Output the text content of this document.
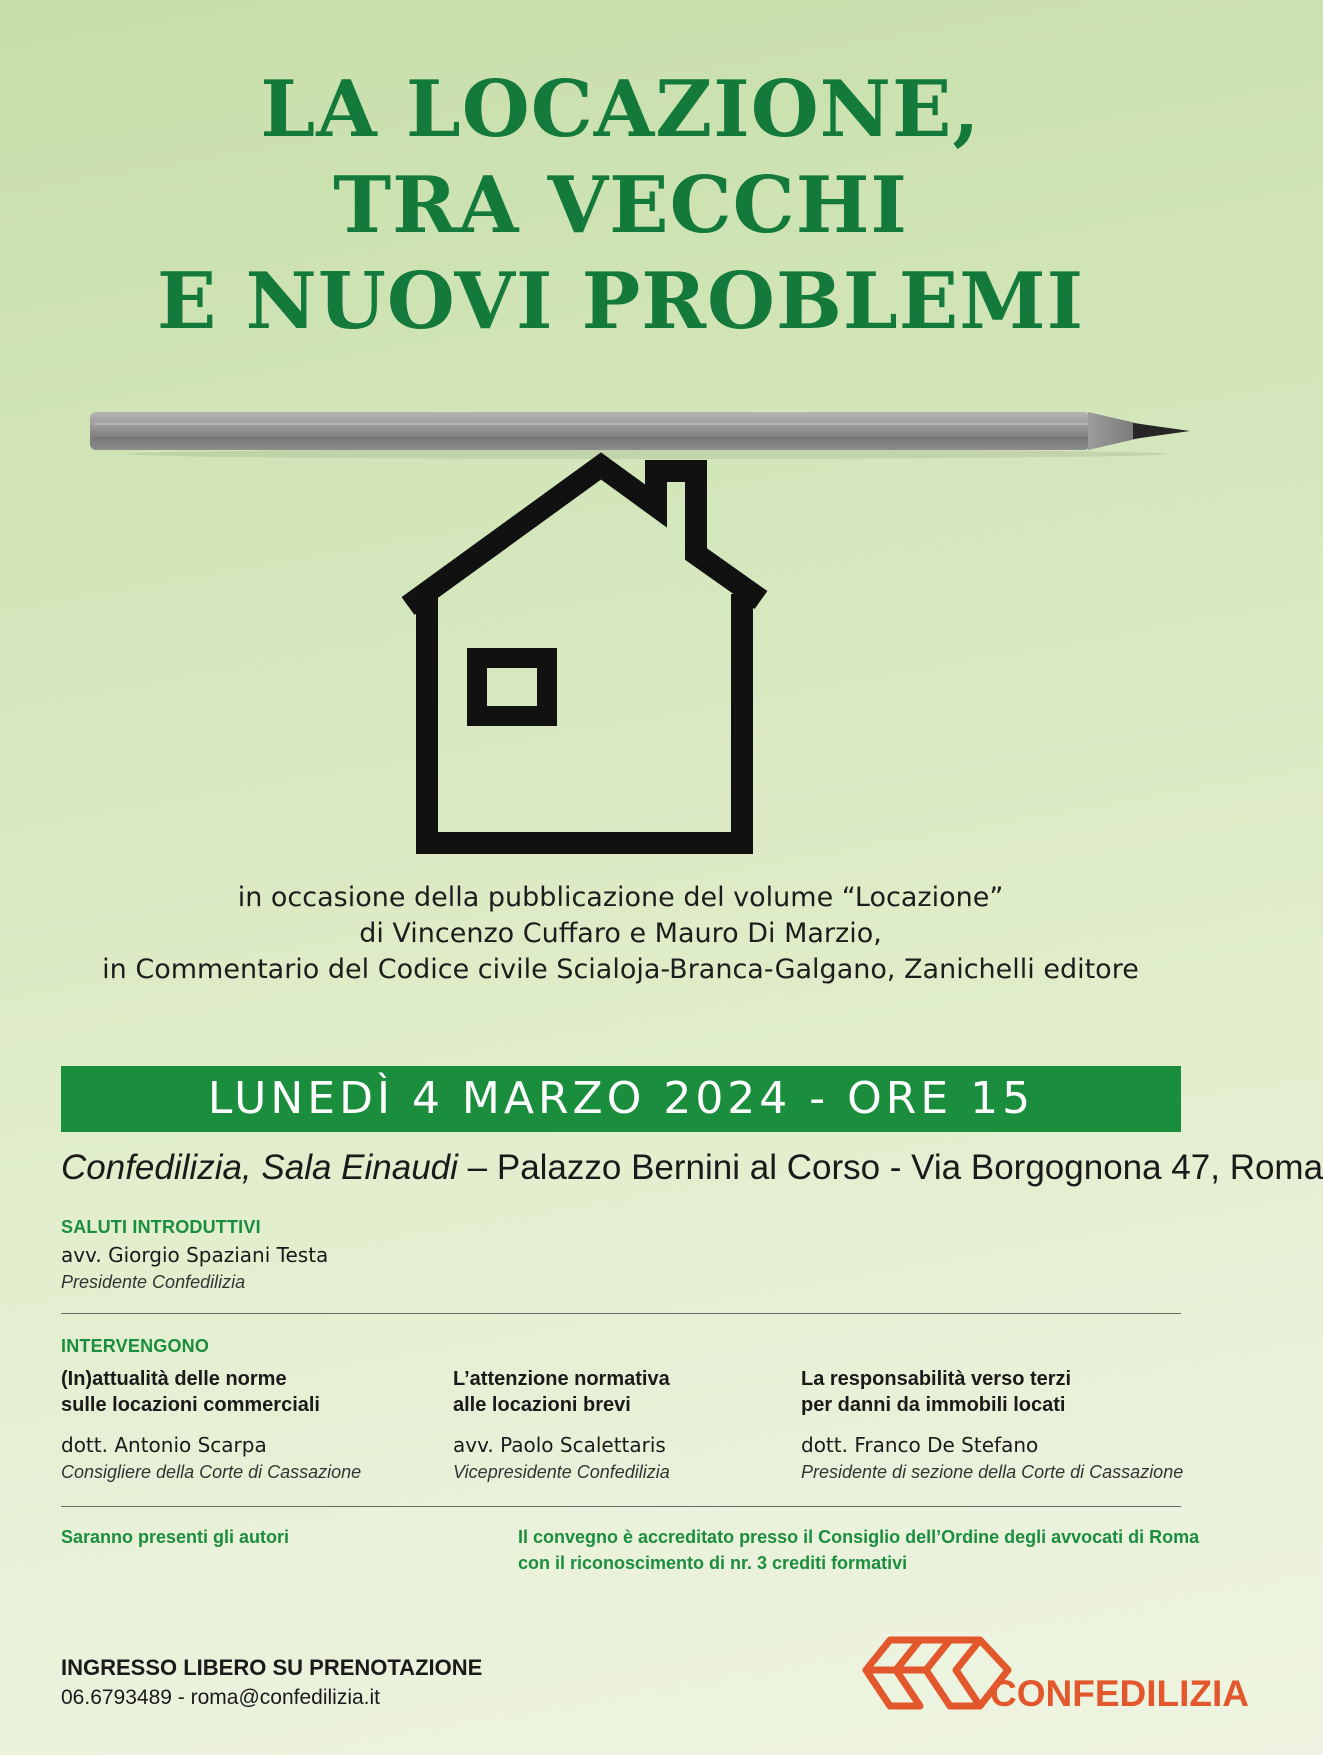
LA LOCAZIONE,
TRA VECCHI
E NUOVI PROBLEMI
in occasione della pubblicazione del volume “Locazione”
di Vincenzo Cuffaro e Mauro Di Marzio,
in Commentario del Codice civile Scialoja-Branca-Galgano, Zanichelli editore
LUNEDÌ 4 MARZO 2024 - ORE 15
Confedilizia, Sala Einaudi – Palazzo Bernini al Corso - Via Borgognona 47, Roma
SALUTI INTRODUTTIVI
avv. Giorgio Spaziani Testa
Presidente Confedilizia
INTERVENGONO
(In)attualità delle norme
sulle locazioni commerciali
dott. Antonio Scarpa
Consigliere della Corte di Cassazione
L’attenzione normativa
alle locazioni brevi
avv. Paolo Scalettaris
Vicepresidente Confedilizia
La responsabilità verso terzi
per danni da immobili locati
dott. Franco De Stefano
Presidente di sezione della Corte di Cassazione
Saranno presenti gli autori	Il convegno è accreditato presso il Consiglio dell’Ordine degli avvocati di Roma
con il riconoscimento di nr. 3 crediti formativi
INGRESSO LIBERO SU PRENOTAZIONE
06.6793489 - roma@confedilizia.it	CONFEDILIZIA
